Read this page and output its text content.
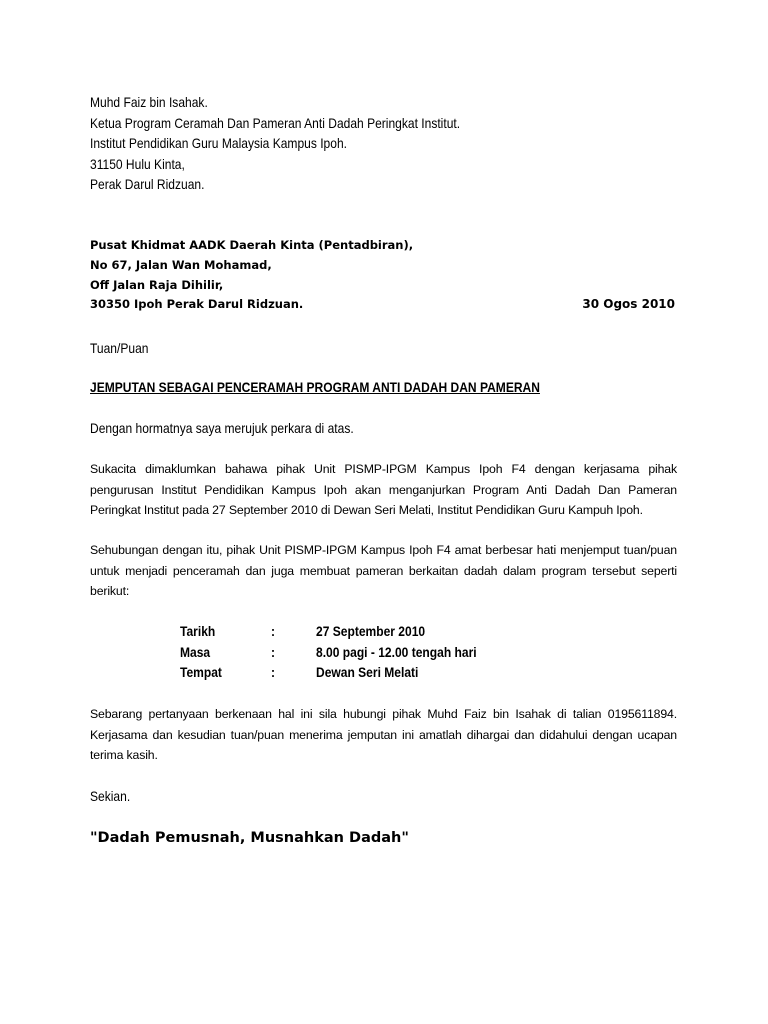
Muhd Faiz bin Isahak.
Ketua Program Ceramah Dan Pameran Anti Dadah Peringkat Institut.
Institut Pendidikan Guru Malaysia Kampus Ipoh.
31150 Hulu Kinta,
Perak Darul Ridzuan.
Pusat Khidmat AADK Daerah Kinta (Pentadbiran),
No 67, Jalan Wan Mohamad,
Off Jalan Raja Dihilir,
30350 Ipoh Perak Darul Ridzuan.	30 Ogos 2010
Tuan/Puan
JEMPUTAN SEBAGAI PENCERAMAH PROGRAM ANTI DADAH DAN PAMERAN
Dengan hormatnya saya merujuk perkara di atas.
Sukacita dimaklumkan bahawa pihak Unit PISMP-IPGM Kampus Ipoh F4 dengan kerjasama pihak pengurusan Institut Pendidikan Kampus Ipoh akan menganjurkan Program Anti Dadah Dan Pameran Peringkat Institut pada 27 September 2010 di Dewan Seri Melati, Institut Pendidikan Guru Kampuh Ipoh.
Sehubungan dengan itu, pihak Unit PISMP-IPGM Kampus Ipoh F4 amat berbesar hati menjemput tuan/puan untuk menjadi penceramah dan juga membuat pameran berkaitan dadah dalam program tersebut seperti berikut:
Tarikh	:	27 September 2010
Masa	:	8.00 pagi - 12.00 tengah hari
Tempat	:	Dewan Seri Melati
Sebarang pertanyaan berkenaan hal ini sila hubungi pihak Muhd Faiz bin Isahak di talian 0195611894. Kerjasama dan kesudian tuan/puan menerima jemputan ini amatlah dihargai dan didahului dengan ucapan terima kasih.
Sekian.
"Dadah Pemusnah, Musnahkan Dadah"
